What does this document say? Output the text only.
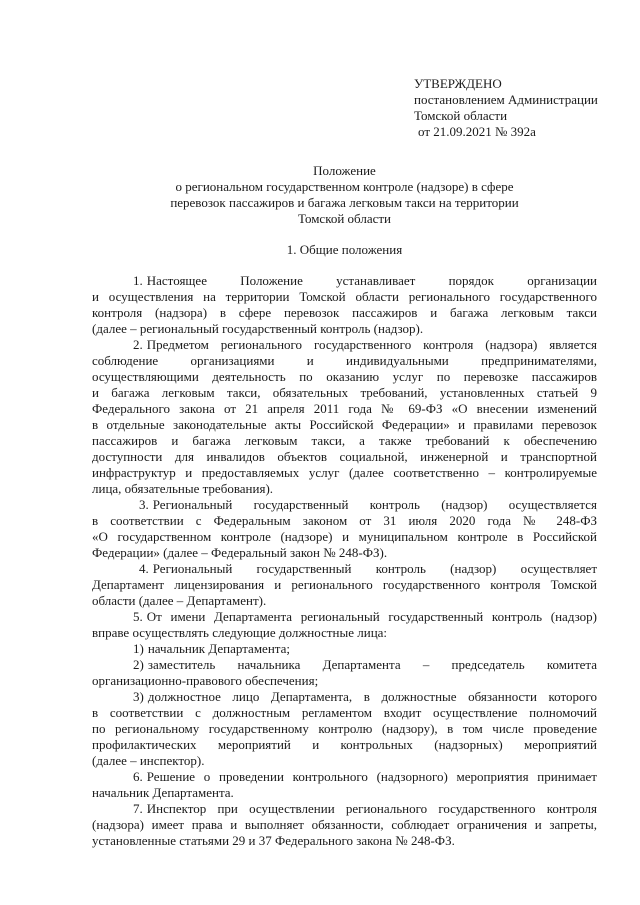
УТВЕРЖДЕНО
постановлением Администрации
Томской области
от 21.09.2021 № 392а
Положение
о региональном государственном контроле (надзоре) в сфере
перевозок пассажиров и багажа легковым такси на территории
Томской области
1. Общие положения
1. Настоящее Положение устанавливает порядок организации
и осуществления на территории Томской области регионального государственного
контроля (надзора) в сфере перевозок пассажиров и багажа легковым такси
(далее – региональный государственный контроль (надзор).
2. Предметом регионального государственного контроля (надзора) является
соблюдение организациями и индивидуальными предпринимателями,
осуществляющими деятельность по оказанию услуг по перевозке пассажиров
и багажа легковым такси, обязательных требований, установленных статьей 9
Федерального закона от 21 апреля 2011 года № 69-ФЗ «О внесении изменений
в отдельные законодательные акты Российской Федерации» и правилами перевозок
пассажиров и багажа легковым такси, а также требований к обеспечению
доступности для инвалидов объектов социальной, инженерной и транспортной
инфраструктур и предоставляемых услуг (далее соответственно – контролируемые
лица, обязательные требования).
3. Региональный государственный контроль (надзор) осуществляется
в соответствии с Федеральным законом от 31 июля 2020 года № 248-ФЗ
«О государственном контроле (надзоре) и муниципальном контроле в Российской
Федерации» (далее – Федеральный закон № 248-ФЗ).
4. Региональный государственный контроль (надзор) осуществляет
Департамент лицензирования и регионального государственного контроля Томской
области (далее – Департамент).
5. От имени Департамента региональный государственный контроль (надзор)
вправе осуществлять следующие должностные лица:
1) начальник Департамента;
2) заместитель начальника Департамента – председатель комитета
организационно-правового обеспечения;
3) должностное лицо Департамента, в должностные обязанности которого
в соответствии с должностным регламентом входит осуществление полномочий
по региональному государственному контролю (надзору), в том числе проведение
профилактических мероприятий и контрольных (надзорных) мероприятий
(далее – инспектор).
6. Решение о проведении контрольного (надзорного) мероприятия принимает
начальник Департамента.
7. Инспектор при осуществлении регионального государственного контроля
(надзора) имеет права и выполняет обязанности, соблюдает ограничения и запреты,
установленные статьями 29 и 37 Федерального закона № 248-ФЗ.
